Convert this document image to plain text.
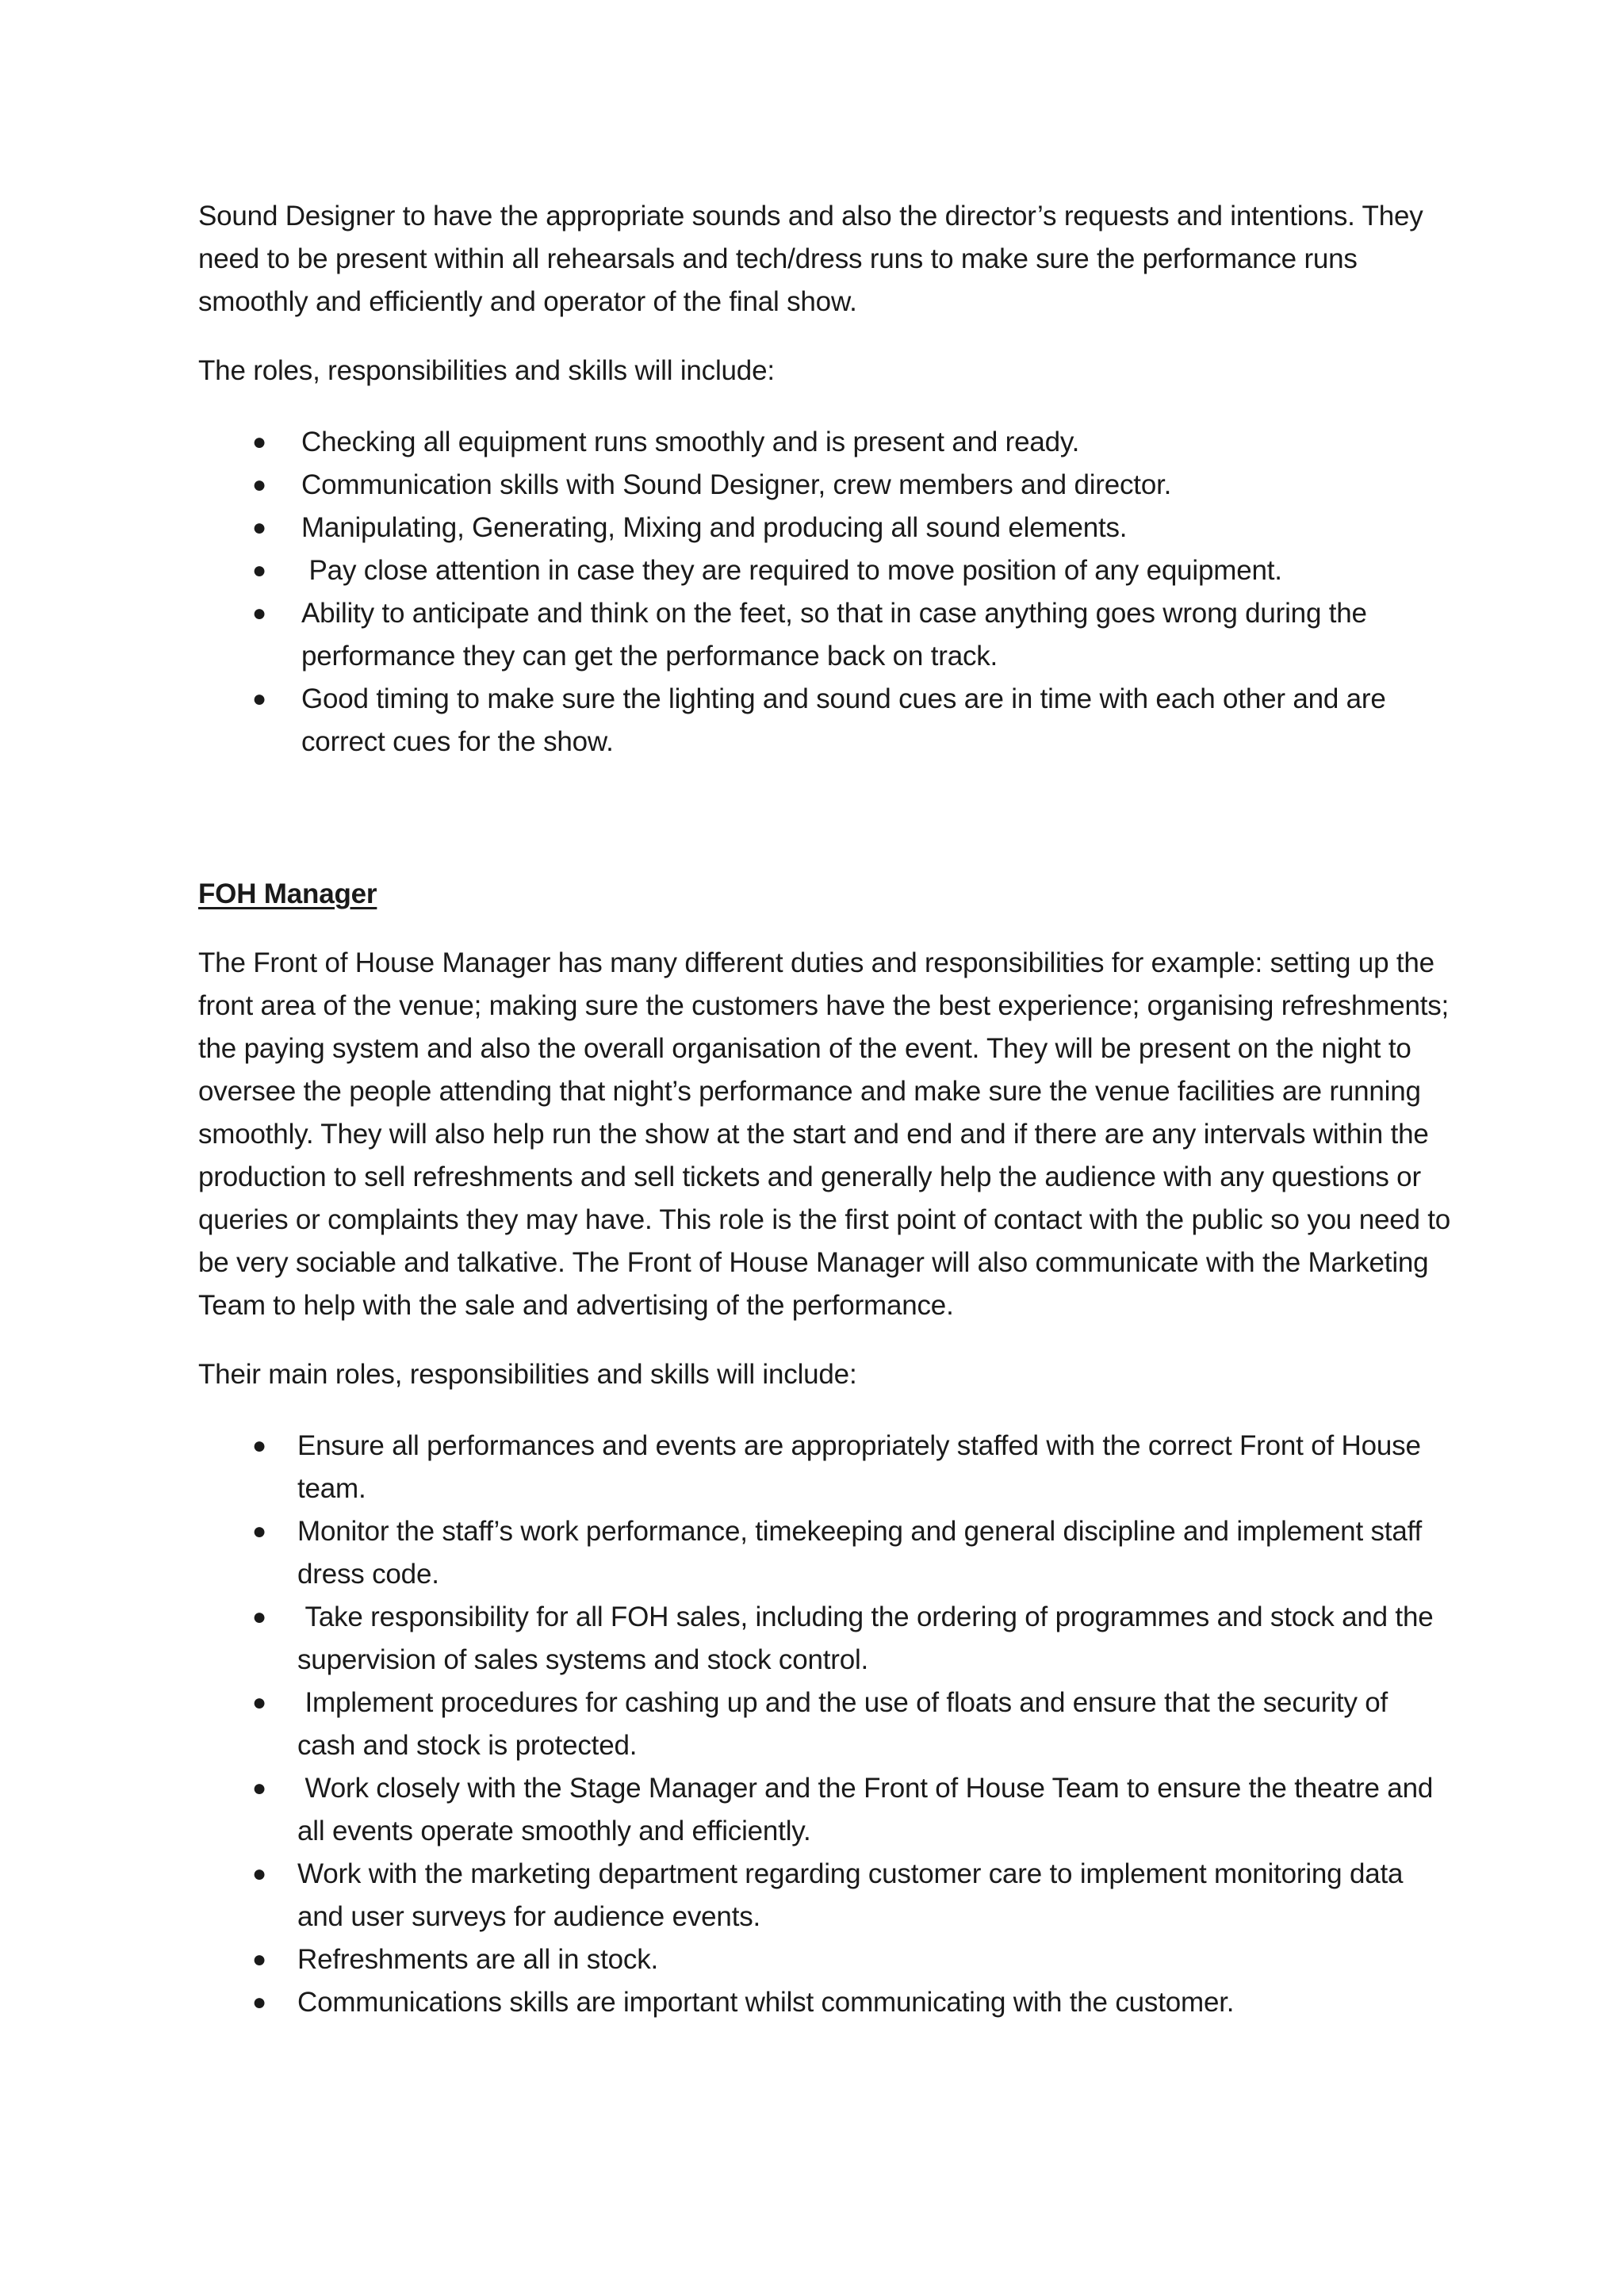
Sound Designer to have the appropriate sounds and also the director’s requests and intentions. They need to be present within all rehearsals and tech/dress runs to make sure the performance runs smoothly and efficiently and operator of the final show.

The roles, responsibilities and skills will include:

● Checking all equipment runs smoothly and is present and ready.
● Communication skills with Sound Designer, crew members and director.
● Manipulating, Generating, Mixing and producing all sound elements.
● Pay close attention in case they are required to move position of any equipment.
● Ability to anticipate and think on the feet, so that in case anything goes wrong during the performance they can get the performance back on track.
● Good timing to make sure the lighting and sound cues are in time with each other and are correct cues for the show.

FOH Manager

The Front of House Manager has many different duties and responsibilities for example: setting up the front area of the venue; making sure the customers have the best experience; organising refreshments; the paying system and also the overall organisation of the event. They will be present on the night to oversee the people attending that night’s performance and make sure the venue facilities are running smoothly. They will also help run the show at the start and end and if there are any intervals within the production to sell refreshments and sell tickets and generally help the audience with any questions or queries or complaints they may have. This role is the first point of contact with the public so you need to be very sociable and talkative. The Front of House Manager will also communicate with the Marketing Team to help with the sale and advertising of the performance.

Their main roles, responsibilities and skills will include:

● Ensure all performances and events are appropriately staffed with the correct Front of House team.
● Monitor the staff’s work performance, timekeeping and general discipline and implement staff dress code.
● Take responsibility for all FOH sales, including the ordering of programmes and stock and the supervision of sales systems and stock control.
● Implement procedures for cashing up and the use of floats and ensure that the security of cash and stock is protected.
● Work closely with the Stage Manager and the Front of House Team to ensure the theatre and all events operate smoothly and efficiently.
● Work with the marketing department regarding customer care to implement monitoring data and user surveys for audience events.
● Refreshments are all in stock.
● Communications skills are important whilst communicating with the customer.
